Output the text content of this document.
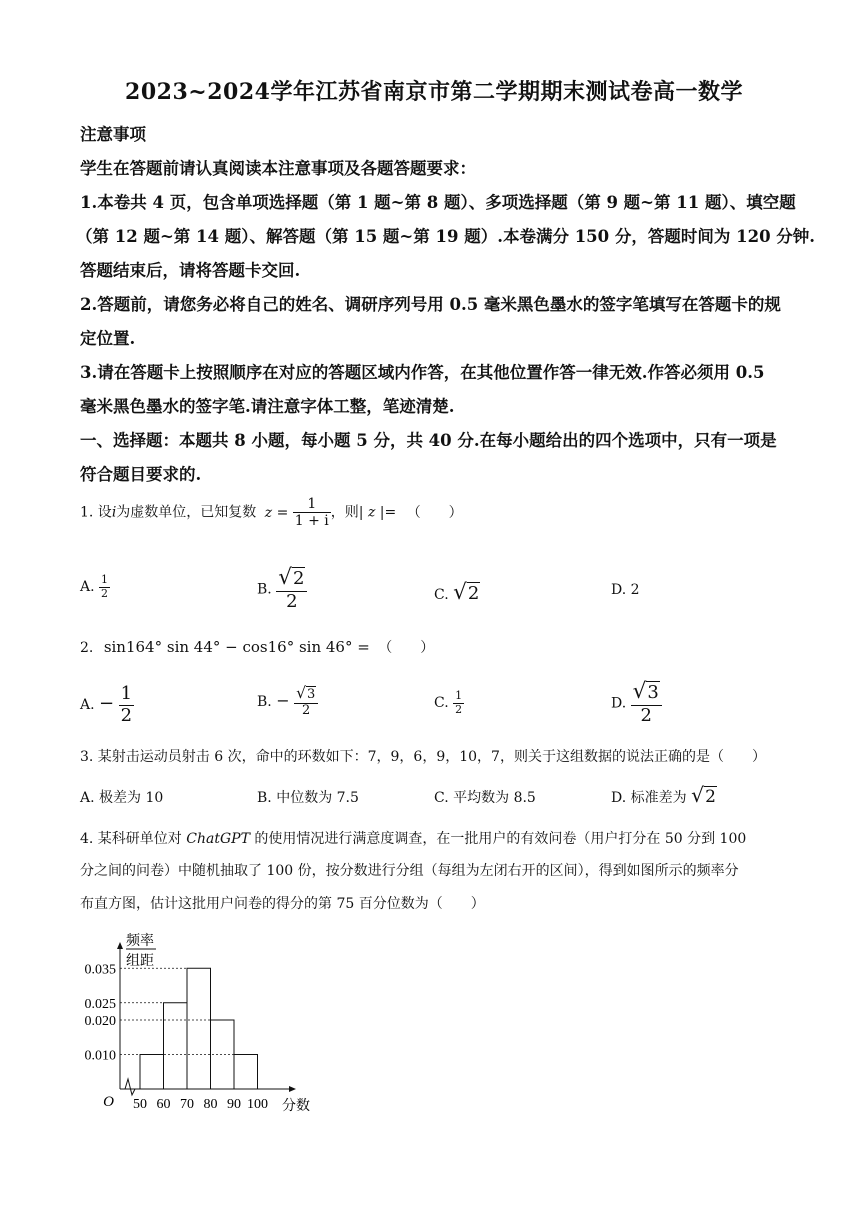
2023~2024学年江苏省南京市第二学期期末测试卷高一数学
注意事项
学生在答题前请认真阅读本注意事项及各题答题要求：
1.本卷共 4 页，包含单项选择题（第 1 题~第 8 题）、多项选择题（第 9 题~第 11 题）、填空题
（第 12 题~第 14 题）、解答题（第 15 题~第 19 题）.本卷满分 150 分，答题时间为 120 分钟.
答题结束后，请将答题卡交回.
2.答题前，请您务必将自己的姓名、调研序列号用 0.5 毫米黑色墨水的签字笔填写在答题卡的规
定位置.
3.请在答题卡上按照顺序在对应的答题区域内作答，在其他位置作答一律无效.作答必须用 0.5
毫米黑色墨水的签字笔.请注意字体工整，笔迹清楚.
一、选择题：本题共 8 小题，每小题 5 分，共 40 分.在每小题给出的四个选项中，只有一项是
符合题目要求的.
1. 设i为虚数单位，已知复数 $z = \frac{1}{1 + i}$ ，则| z |= （　　）
A. $\frac{1}{2}$	B. $\frac{√2}{2}$	C. √2	D. 2
2. sin164° sin 44° − cos16° sin 46° = （　　）
A. − $\frac{1}{2}$	B. − $\frac{√3}{2}$	C. $\frac{1}{2}$	D. $\frac{√3}{2}$
3. 某射击运动员射击 6 次，命中的环数如下：7，9，6，9，10，7，则关于这组数据的说法正确的是（　　）
A. 极差为 10	B. 中位数为 7.5	C. 平均数为 8.5	D. 标准差为 √2
4. 某科研单位对 ChatGPT 的使用情况进行满意度调查，在一批用户的有效问卷（用户打分在 50 分到 100
分之间的问卷）中随机抽取了 100 份，按分数进行分组（每组为左闭右开的区间），得到如图所示的频率分
布直方图，估计这批用户问卷的得分的第 75 百分位数为（　　）
频率
组距
O	分数
0.035
0.025
0.020
0.010
50 60 70 80 90 100
